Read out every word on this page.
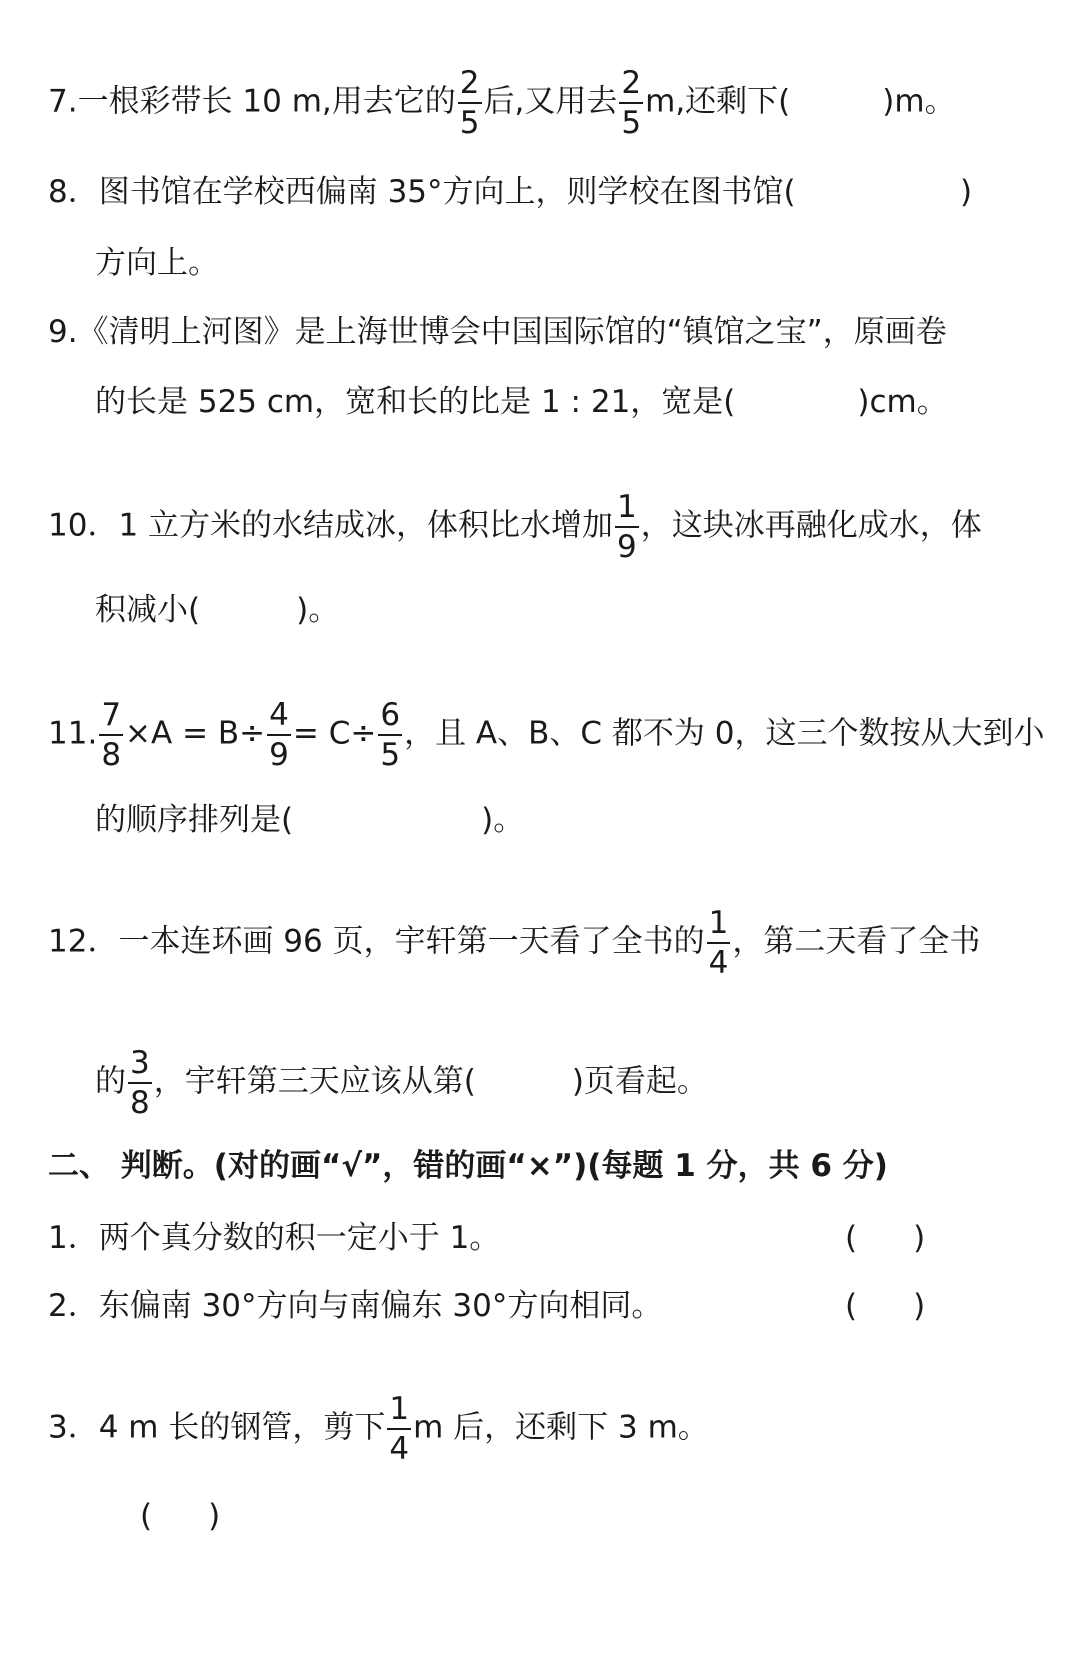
7.一根彩带长 10 m,用去它的 $\frac{2}{5}$ 后,又用去 $\frac{2}{5} m$,还剩下(	)m。
8．图书馆在学校西偏南 35°方向上，则学校在图书馆(	)
方向上。
9.《清明上河图》是上海世博会中国国际馆的“镇馆之宝”，原画卷
的长是 525 cm，宽和长的比是 1 : 21，宽是(	)cm。
10．1 立方米的水结成冰，体积比水增加 $\frac{1}{9}$ ，这块冰再融化成水，体
积减小(	)。
11. $\frac{7}{8} \times A = B\div \frac{4}{9} = C\div \frac{6}{5}$ ，且 A、B、C 都不为 0，这三个数按从大到小
的顺序排列是(	)。
12．一本连环画 96 页，宇轩第一天看了全书的 $\frac{1}{4}$ ，第二天看了全书
的 $\frac{3}{8}$ ，宇轩第三天应该从第(	)页看起。
二、 判断。(对的画“√”，错的画“×”)(每题 1 分，共 6 分)
1．两个真分数的积一定小于 1。	( )
2．东偏南 30°方向与南偏东 30°方向相同。	( )
3．4 m 长的钢管，剪下 $\frac{1}{4}$ m 后，还剩下 3 m。
( )
